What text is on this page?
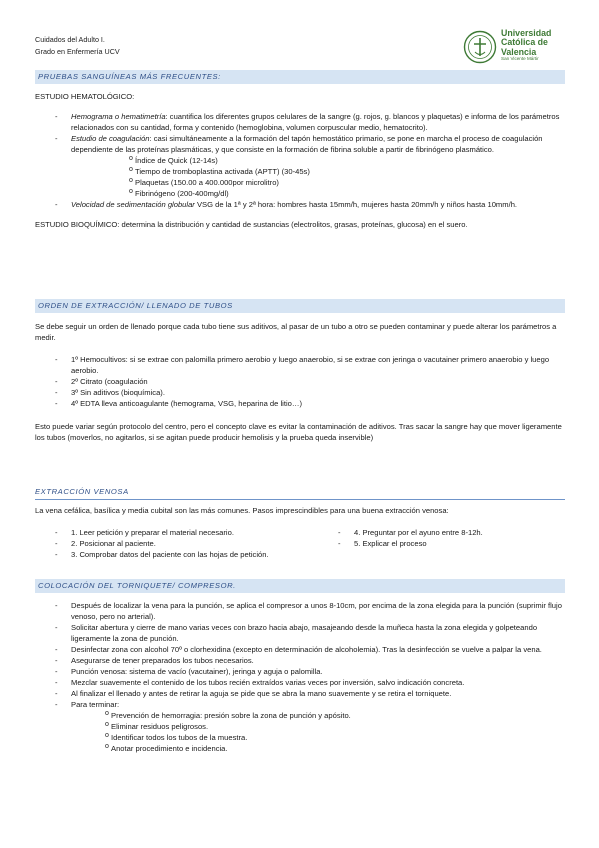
Cuidados del Adulto I.
Grado en Enfermería UCV
Universidad
Católica de
Valencia
San Vicente Mártir
PRUEBAS SANGUÍNEAS MÁS FRECUENTES:

ESTUDIO HEMATOLÓGICO:

- Hemograma o hematimetría: cuantifica los diferentes grupos celulares de la sangre (g. rojos, g. blancos y plaquetas) e informa de los parámetros relacionados con su cantidad, forma y contenido (hemoglobina, volumen corpuscular medio, hematocrito).
- Estudio de coagulación: casi simultáneamente a la formación del tapón hemostático primario, se pone en marcha el proceso de coagulación dependiente de las proteínas plasmáticas, y que consiste en la formación de fibrina soluble a partir de fibrinógeno plasmático.
o Índice de Quick (12-14s)
o Tiempo de tromboplastina activada (APTT) (30-45s)
o Plaquetas (150.00 a 400.000por microlitro)
o Fibrinógeno (200-400mg/dl)
- Velocidad de sedimentación globular VSG de la 1ª y 2ª hora: hombres hasta 15mm/h, mujeres hasta 20mm/h y niños hasta 10mm/h.

ESTUDIO BIOQUÍMICO: determina la distribución y cantidad de sustancias (electrolitos, grasas, proteínas, glucosa) en el suero.

ORDEN DE EXTRACCIÓN/ LLENADO DE TUBOS

Se debe seguir un orden de llenado porque cada tubo tiene sus aditivos, al pasar de un tubo a otro se pueden contaminar y puede alterar los parámetros a medir.

- 1º Hemocultivos: si se extrae con palomilla primero aerobio y luego anaerobio, si se extrae con jeringa o vacutainer primero anaerobio y luego aerobio.
- 2º Citrato (coagulación
- 3º Sin aditivos (bioquímica).
- 4º EDTA lleva anticoagulante (hemograma, VSG, heparina de litio…)

Esto puede variar según protocolo del centro, pero el concepto clave es evitar la contaminación de aditivos. Tras sacar la sangre hay que mover ligeramente los tubos (moverlos, no agitarlos, si se agitan puede producir hemolisis y la prueba queda inservible)

EXTRACCIÓN VENOSA
La vena cefálica, basílica y media cubital son las más comunes. Pasos imprescindibles para una buena extracción venosa:
- 1. Leer petición y preparar el material necesario.
- 2. Posicionar al paciente.
- 3. Comprobar datos del paciente con las hojas de petición.
- 4. Preguntar por el ayuno entre 8-12h.
- 5. Explicar el proceso
COLOCACIÓN DEL TORNIQUETE/ COMPRESOR.
- Después de localizar la vena para la punción, se aplica el compresor a unos 8-10cm, por encima de la zona elegida para la punción (suprimir flujo venoso, pero no arterial).
- Solicitar abertura y cierre de mano varias veces con brazo hacia abajo, masajeando desde la muñeca hasta la zona elegida y golpeteando ligeramente la zona de punción.
- Desinfectar zona con alcohol 70º o clorhexidina (excepto en determinación de alcoholemia). Tras la desinfección se vuelve a palpar la vena.
- Asegurarse de tener preparados los tubos necesarios.
- Punción venosa: sistema de vacío (vacutainer), jeringa y aguja o palomilla.
- Mezclar suavemente el contenido de los tubos recién extraídos varias veces por inversión, salvo indicación concreta.
- Al finalizar el llenado y antes de retirar la aguja se pide que se abra la mano suavemente y se retira el torniquete.
- Para terminar:
o Prevención de hemorragia: presión sobre la zona de punción y apósito.
o Eliminar residuos peligrosos.
o Identificar todos los tubos de la muestra.
o Anotar procedimiento e incidencia.
